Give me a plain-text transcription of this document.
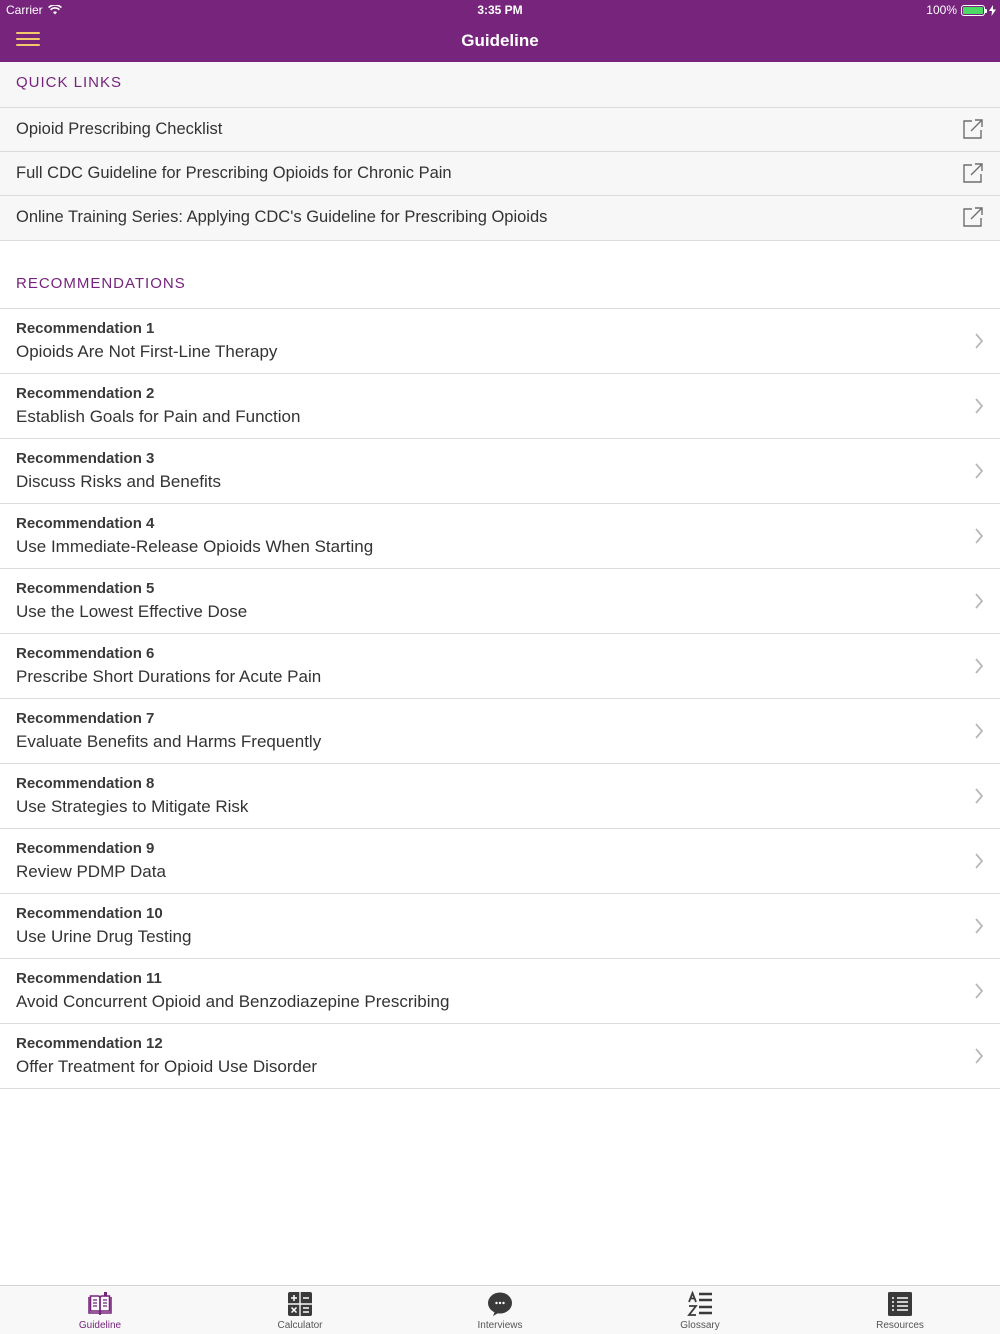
Carrier	3:35 PM	100%
Guideline
QUICK LINKS
Opioid Prescribing Checklist
Full CDC Guideline for Prescribing Opioids for Chronic Pain
Online Training Series: Applying CDC's Guideline for Prescribing Opioids
RECOMMENDATIONS
Recommendation 1
Opioids Are Not First-Line Therapy
Recommendation 2
Establish Goals for Pain and Function
Recommendation 3
Discuss Risks and Benefits
Recommendation 4
Use Immediate-Release Opioids When Starting
Recommendation 5
Use the Lowest Effective Dose
Recommendation 6
Prescribe Short Durations for Acute Pain
Recommendation 7
Evaluate Benefits and Harms Frequently
Recommendation 8
Use Strategies to Mitigate Risk
Recommendation 9
Review PDMP Data
Recommendation 10
Use Urine Drug Testing
Recommendation 11
Avoid Concurrent Opioid and Benzodiazepine Prescribing
Recommendation 12
Offer Treatment for Opioid Use Disorder
Guideline	Calculator	Interviews	Glossary	Resources
